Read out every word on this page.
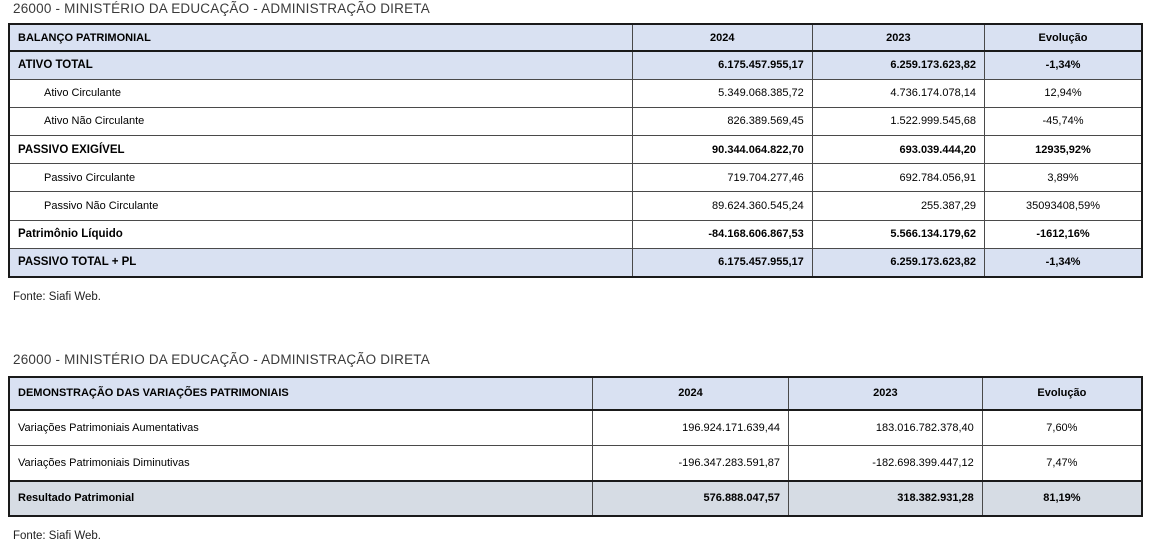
26000 - MINISTÉRIO DA EDUCAÇÃO - ADMINISTRAÇÃO DIRETA
BALANÇO PATRIMONIAL	2024	2023	Evolução
ATIVO TOTAL	6.175.457.955,17	6.259.173.623,82	-1,34%
Ativo Circulante	5.349.068.385,72	4.736.174.078,14	12,94%
Ativo Não Circulante	826.389.569,45	1.522.999.545,68	-45,74%
PASSIVO EXIGÍVEL	90.344.064.822,70	693.039.444,20	12935,92%
Passivo Circulante	719.704.277,46	692.784.056,91	3,89%
Passivo Não Circulante	89.624.360.545,24	255.387,29	35093408,59%
Patrimônio Líquido	-84.168.606.867,53	5.566.134.179,62	-1612,16%
PASSIVO TOTAL + PL	6.175.457.955,17	6.259.173.623,82	-1,34%
Fonte: Siafi Web.
26000 - MINISTÉRIO DA EDUCAÇÃO - ADMINISTRAÇÃO DIRETA
DEMONSTRAÇÃO DAS VARIAÇÕES PATRIMONIAIS	2024	2023	Evolução
Variações Patrimoniais Aumentativas	196.924.171.639,44	183.016.782.378,40	7,60%
Variações Patrimoniais Diminutivas	-196.347.283.591,87	-182.698.399.447,12	7,47%
Resultado Patrimonial	576.888.047,57	318.382.931,28	81,19%
Fonte: Siafi Web.
